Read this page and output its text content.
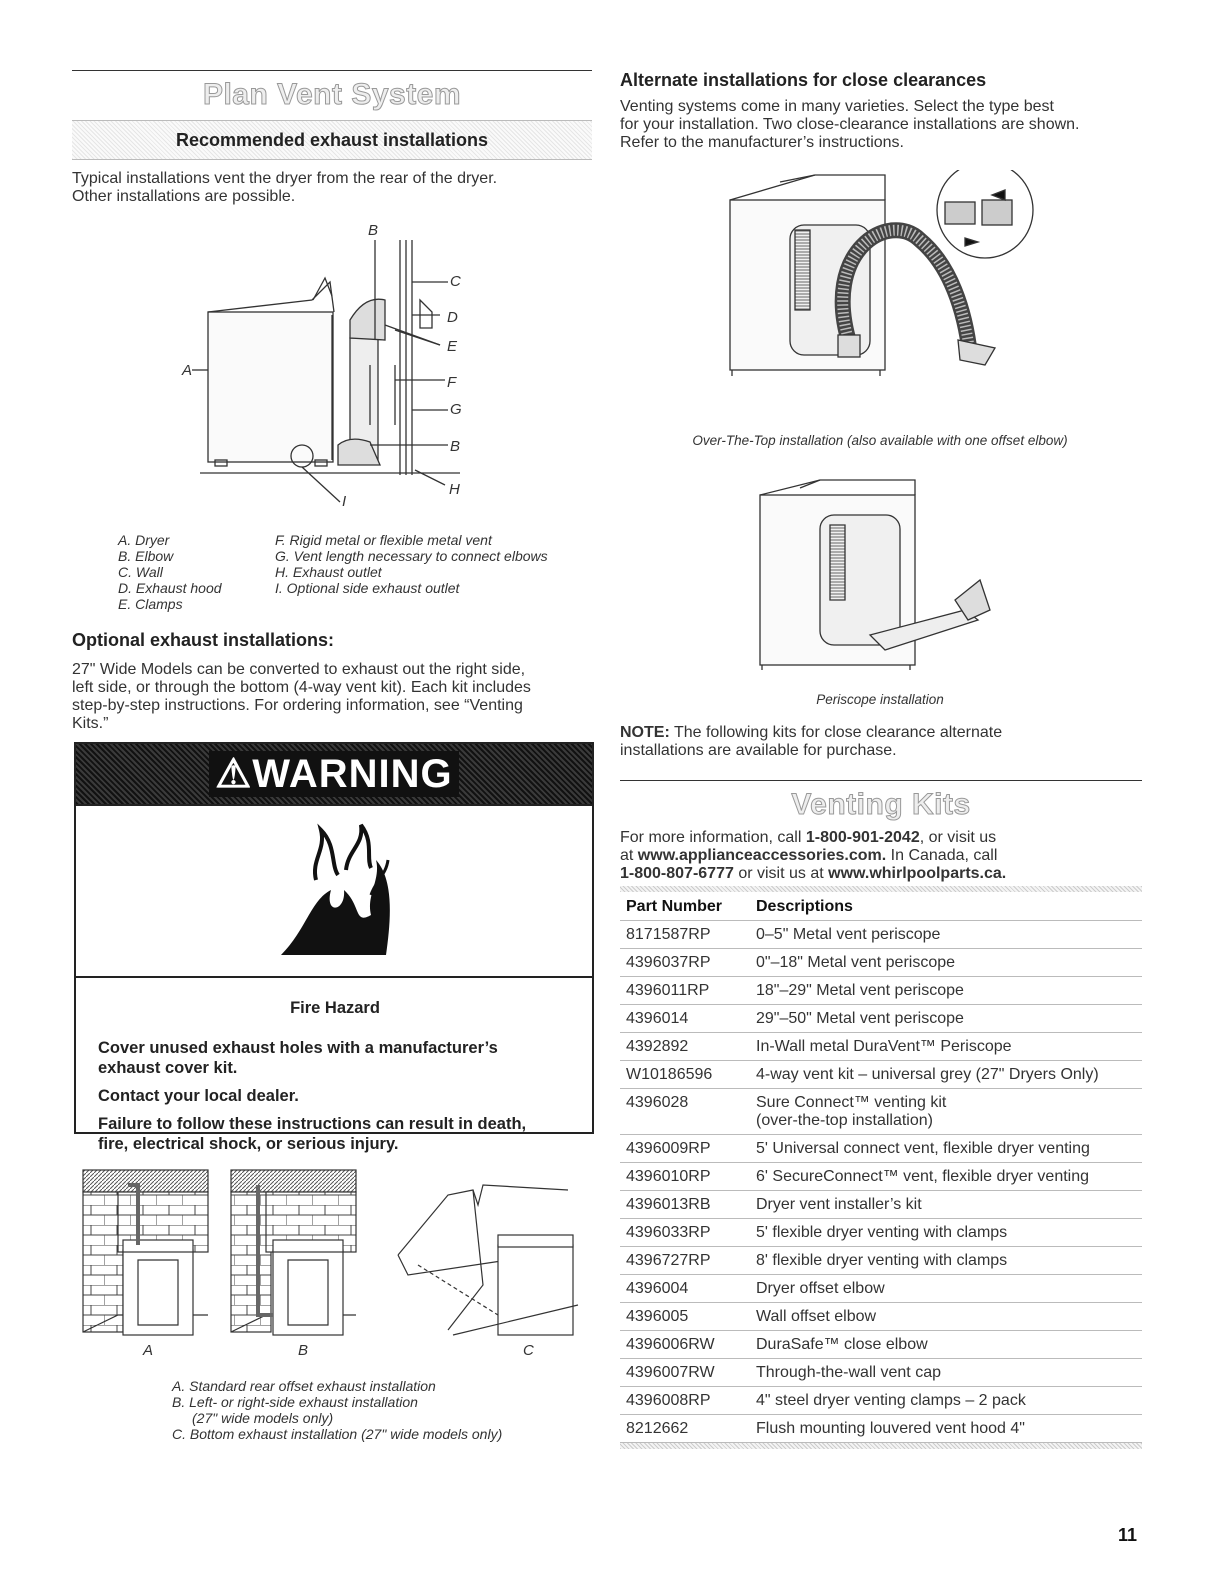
Plan Vent System
Recommended exhaust installations
Typical installations vent the dryer from the rear of the dryer.
Other installations are possible.
B
C
D
E
F
G
B
H
I
A
A. Dryer
B. Elbow
C. Wall
D. Exhaust hood
E. Clamps
F. Rigid metal or flexible metal vent
G. Vent length necessary to connect elbows
H. Exhaust outlet
I. Optional side exhaust outlet
Optional exhaust installations:
27" Wide Models can be converted to exhaust out the right side,
left side, or through the bottom (4-way vent kit). Each kit includes
step-by-step instructions. For ordering information, see “Venting
Kits.”
⚠WARNING
Fire Hazard
Cover unused exhaust holes with a manufacturer’s
exhaust cover kit.
Contact your local dealer.
Failure to follow these instructions can result in death,
fire, electrical shock, or serious injury.
A	B	C
A. Standard rear offset exhaust installation
B. Left- or right-side exhaust installation
(27" wide models only)
C. Bottom exhaust installation (27" wide models only)
Alternate installations for close clearances
Venting systems come in many varieties. Select the type best
for your installation. Two close-clearance installations are shown.
Refer to the manufacturer’s instructions.
Over-The-Top installation (also available with one offset elbow)
Periscope installation
NOTE: The following kits for close clearance alternate
installations are available for purchase.
Venting Kits
For more information, call 1-800-901-2042, or visit us
at www.applianceaccessories.com. In Canada, call
1-800-807-6777 or visit us at www.whirlpoolparts.ca.
Part Number	Descriptions
8171587RP	0–5" Metal vent periscope
4396037RP	0"–18" Metal vent periscope
4396011RP	18"–29" Metal vent periscope
4396014	29"–50" Metal vent periscope
4392892	In-Wall metal DuraVent™ Periscope
W10186596	4-way vent kit – universal grey (27" Dryers Only)
4396028	Sure Connect™ venting kit
(over-the-top installation)
4396009RP	5' Universal connect vent, flexible dryer venting
4396010RP	6' SecureConnect™ vent, flexible dryer venting
4396013RB	Dryer vent installer’s kit
4396033RP	5' flexible dryer venting with clamps
4396727RP	8' flexible dryer venting with clamps
4396004	Dryer offset elbow
4396005	Wall offset elbow
4396006RW	DuraSafe™ close elbow
4396007RW	Through-the-wall vent cap
4396008RP	4" steel dryer venting clamps – 2 pack
8212662	Flush mounting louvered vent hood 4"
11
